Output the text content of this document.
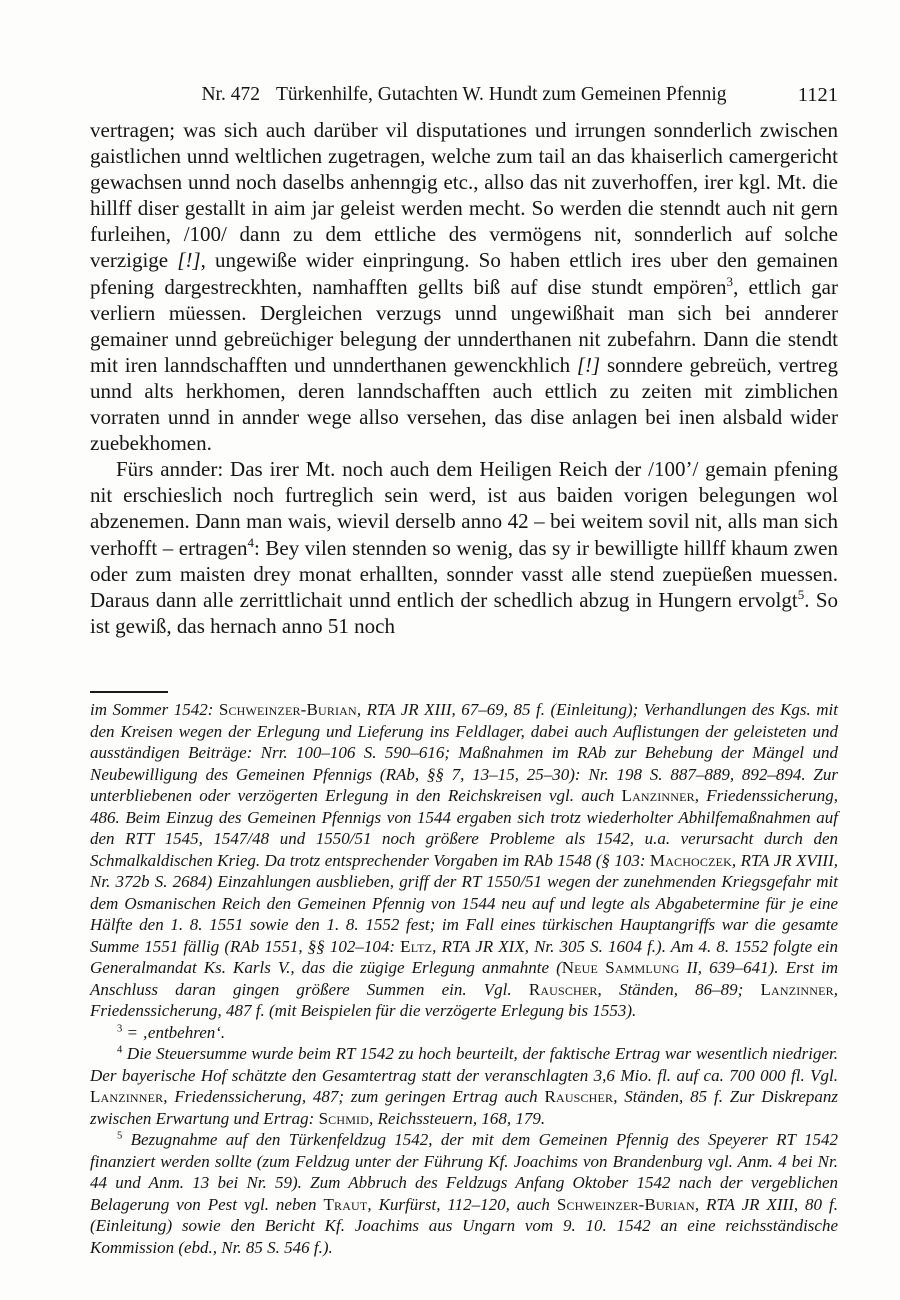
Nr. 472 Türkenhilfe, Gutachten W. Hundt zum Gemeinen Pfennig	1121

vertragen; was sich auch darüber vil disputationes und irrungen sonnderlich zwischen gaistlichen unnd weltlichen zugetragen, welche zum tail an das khaiserlich camergericht gewachsen unnd noch daselbs anhenngig etc., allso das nit zuverhoffen, irer kgl. Mt. die hillff diser gestallt in aim jar geleist werden mecht. So werden die stenndt auch nit gern furleihen, /100/ dann zu dem ettliche des vermögens nit, sonnderlich auf solche verzigige [!], ungewiße wider einpringung. So haben ettlich ires uber den gemainen pfening dargestreckhten, namhafften gellts biß auf dise stundt empören$^3$, ettlich gar verliern müessen. Dergleichen verzugs unnd ungewißhait man sich bei annderer gemainer unnd gebreüchiger belegung der unnderthanen nit zubefahrn. Dann die stendt mit iren lanndschafften und unnderthanen gewenckhlich [!] sonndere gebreüch, vertreg unnd alts herkhomen, deren lanndschafften auch ettlich zu zeiten mit zimblichen vorraten unnd in annder wege allso versehen, das dise anlagen bei inen alsbald wider zuebekhomen.

Fürs annder: Das irer Mt. noch auch dem Heiligen Reich der /100’/ gemain pfening nit erschieslich noch furtreglich sein werd, ist aus baiden vorigen belegungen wol abzenemen. Dann man wais, wievil derselb anno 42 – bei weitem sovil nit, alls man sich verhofft – ertragen$^4$: Bey vilen stennden so wenig, das sy ir bewilligte hillff khaum zwen oder zum maisten drey monat erhallten, sonnder vasst alle stend zuepüeßen muessen. Daraus dann alle zerrittlichait unnd entlich der schedlich abzug in Hungern ervolgt$^5$. So ist gewiß, das hernach anno 51 noch

im Sommer 1542: Schweinzer-Burian, RTA JR XIII, 67–69, 85 f. (Einleitung); Verhandlungen des Kgs. mit den Kreisen wegen der Erlegung und Lieferung ins Feldlager, dabei auch Auflistungen der geleisteten und ausständigen Beiträge: Nrr. 100–106 S. 590–616; Maßnahmen im RAb zur Behebung der Mängel und Neubewilligung des Gemeinen Pfennigs (RAb, §§ 7, 13–15, 25–30): Nr. 198 S. 887–889, 892–894. Zur unterbliebenen oder verzögerten Erlegung in den Reichskreisen vgl. auch Lanzinner, Friedenssicherung, 486. Beim Einzug des Gemeinen Pfennigs von 1544 ergaben sich trotz wiederholter Abhilfemaßnahmen auf den RTT 1545, 1547/48 und 1550/51 noch größere Probleme als 1542, u.a. verursacht durch den Schmalkaldischen Krieg. Da trotz entsprechender Vorgaben im RAb 1548 (§ 103: Machoczek, RTA JR XVIII, Nr. 372b S. 2684) Einzahlungen ausblieben, griff der RT 1550/51 wegen der zunehmenden Kriegsgefahr mit dem Osmanischen Reich den Gemeinen Pfennig von 1544 neu auf und legte als Abgabetermine für je eine Hälfte den 1. 8. 1551 sowie den 1. 8. 1552 fest; im Fall eines türkischen Hauptangriffs war die gesamte Summe 1551 fällig (RAb 1551, §§ 102–104: Eltz, RTA JR XIX, Nr. 305 S. 1604 f.). Am 4. 8. 1552 folgte ein Generalmandat Ks. Karls V., das die zügige Erlegung anmahnte (Neue Sammlung II, 639–641). Erst im Anschluss daran gingen größere Summen ein. Vgl. Rauscher, Ständen, 86–89; Lanzinner, Friedenssicherung, 487 f. (mit Beispielen für die verzögerte Erlegung bis 1553).

$^3$ = ‚entbehren‘.

$^4$ Die Steuersumme wurde beim RT 1542 zu hoch beurteilt, der faktische Ertrag war wesentlich niedriger. Der bayerische Hof schätzte den Gesamtertrag statt der veranschlagten 3,6 Mio. fl. auf ca. 700 000 fl. Vgl. Lanzinner, Friedenssicherung, 487; zum geringen Ertrag auch Rauscher, Ständen, 85 f. Zur Diskrepanz zwischen Erwartung und Ertrag: Schmid, Reichssteuern, 168, 179.

$^5$ Bezugnahme auf den Türkenfeldzug 1542, der mit dem Gemeinen Pfennig des Speyerer RT 1542 finanziert werden sollte (zum Feldzug unter der Führung Kf. Joachims von Brandenburg vgl. Anm. 4 bei Nr. 44 und Anm. 13 bei Nr. 59). Zum Abbruch des Feldzugs Anfang Oktober 1542 nach der vergeblichen Belagerung von Pest vgl. neben Traut, Kurfürst, 112–120, auch Schweinzer-Burian, RTA JR XIII, 80 f. (Einleitung) sowie den Bericht Kf. Joachims aus Ungarn vom 9. 10. 1542 an eine reichsständische Kommission (ebd., Nr. 85 S. 546 f.).
